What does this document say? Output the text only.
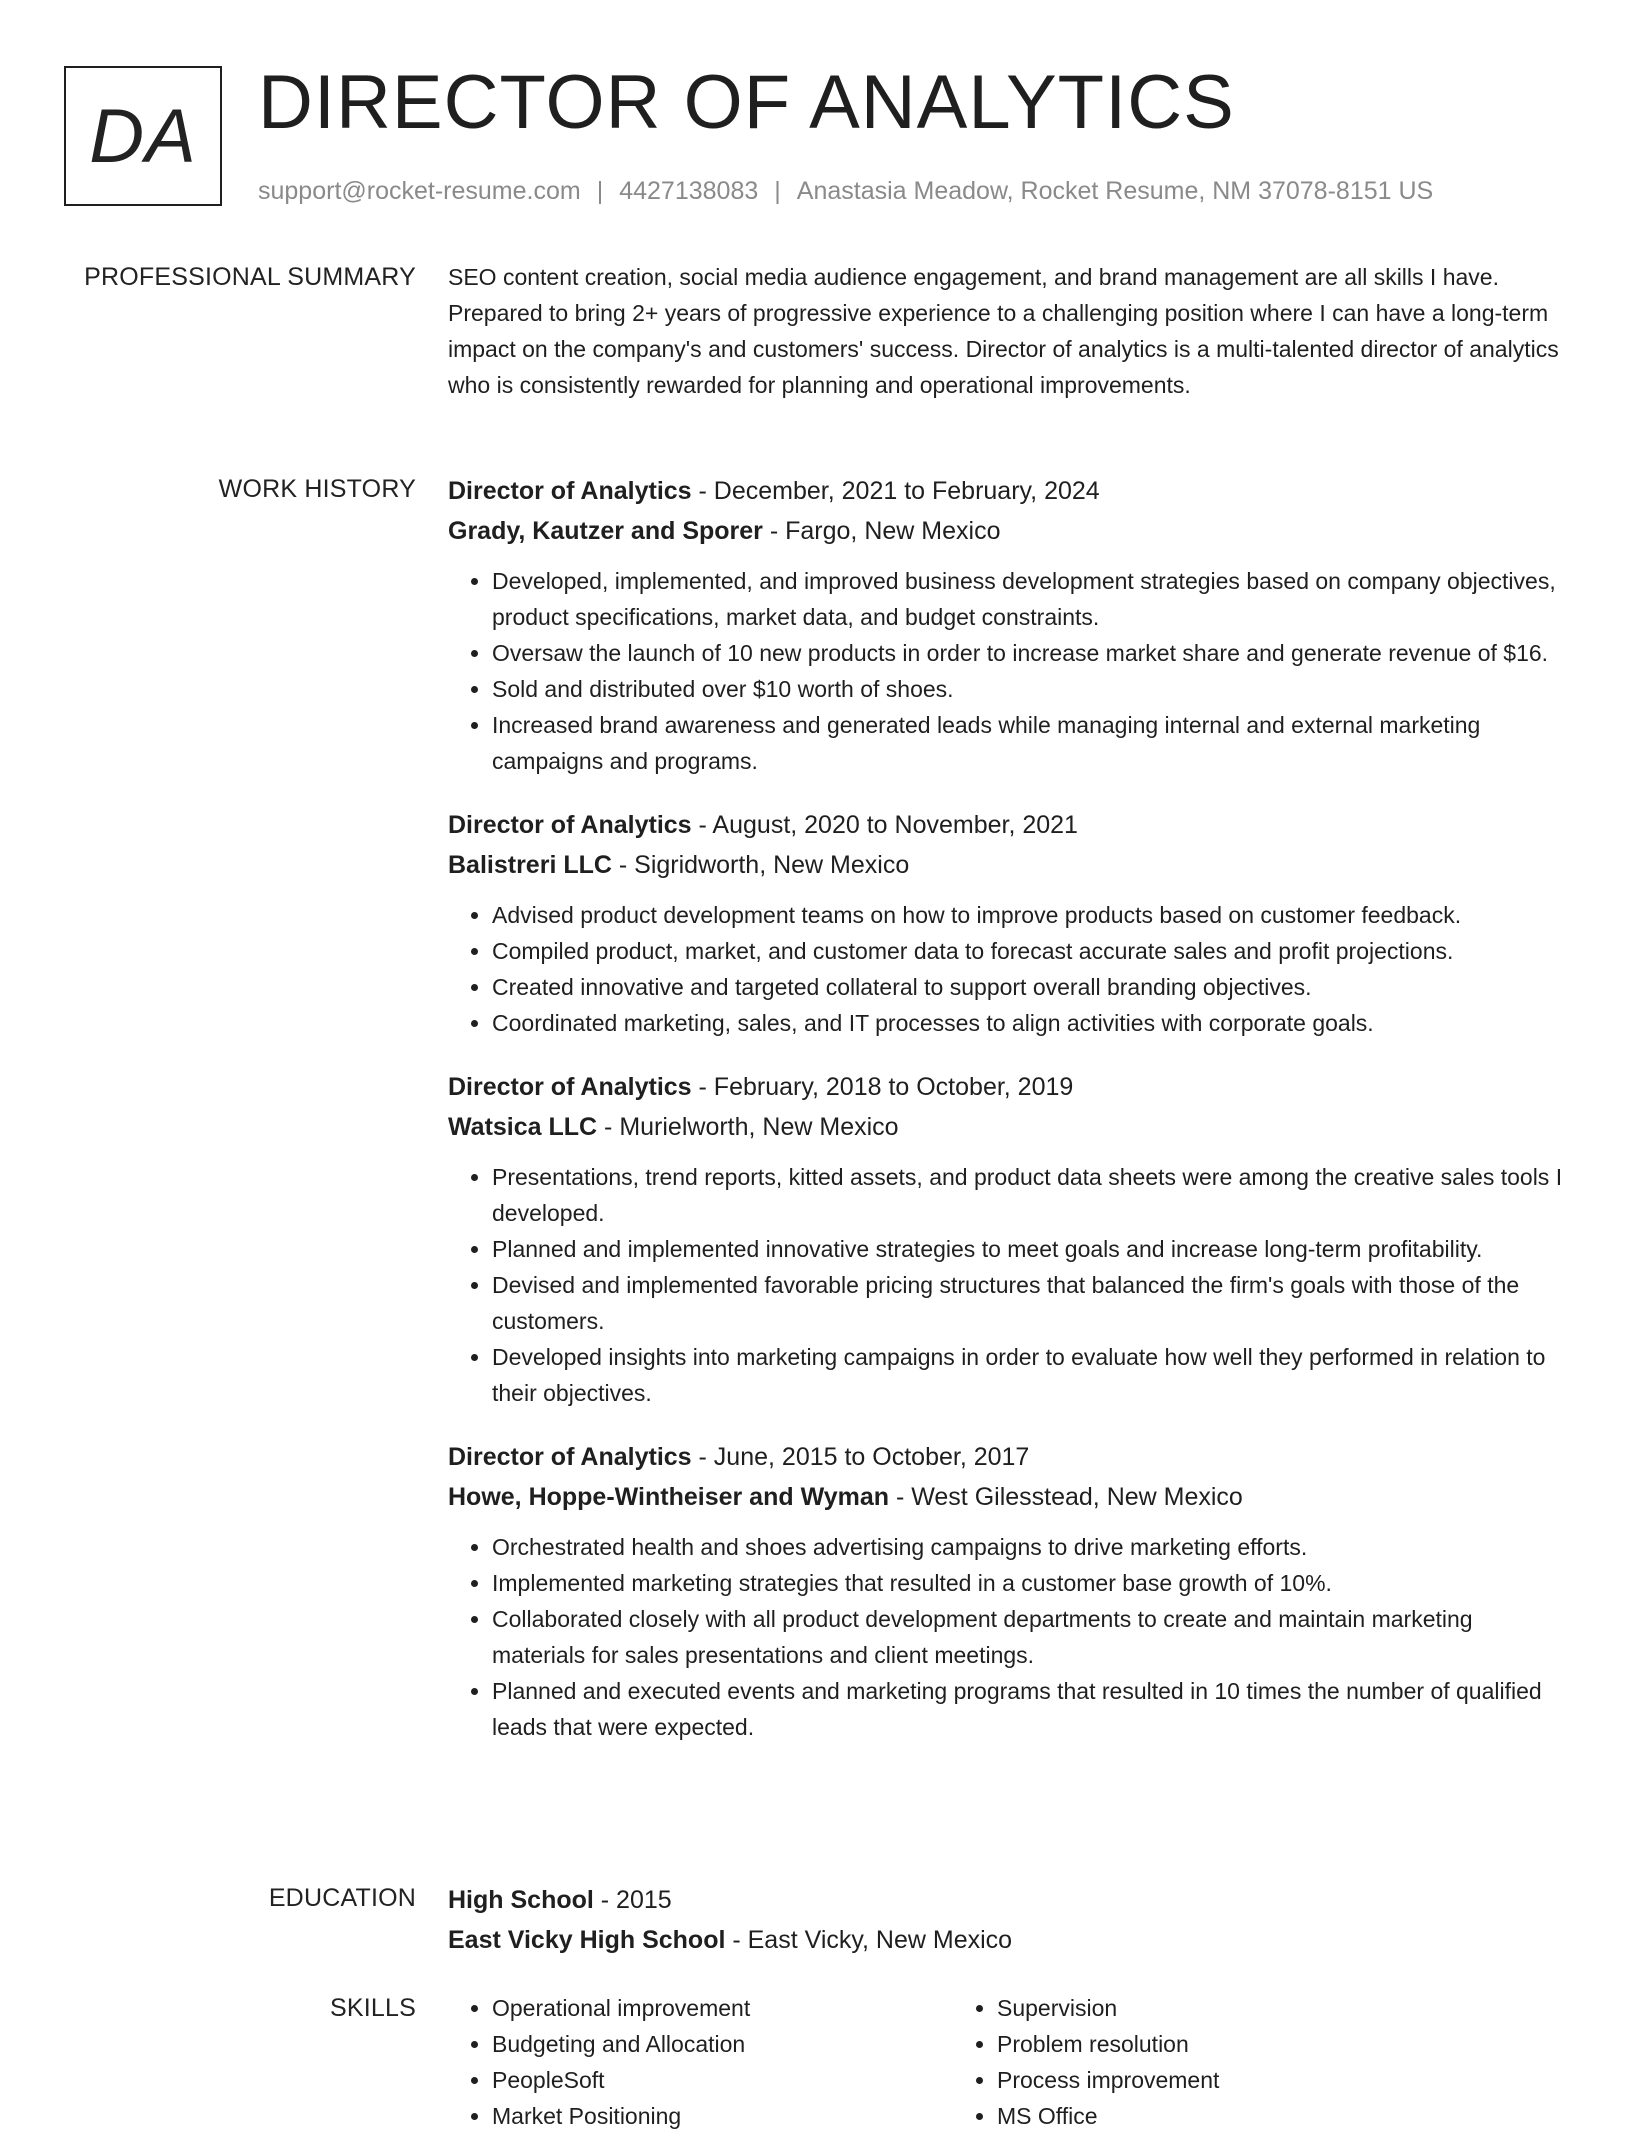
DA DIRECTOR OF ANALYTICS
support@rocket-resume.com | 4427138083 | Anastasia Meadow, Rocket Resume, NM 37078-8151 US
PROFESSIONAL SUMMARY SEO content creation, social media audience engagement, and brand management are all skills I have. Prepared to bring 2+ years of progressive experience to a challenging position where I can have a long-term impact on the company's and customers' success. Director of analytics is a multi-talented director of analytics who is consistently rewarded for planning and operational improvements.

WORK HISTORY Director of Analytics - December, 2021 to February, 2024
Grady, Kautzer and Sporer - Fargo, New Mexico
• Developed, implemented, and improved business development strategies based on company objectives, product specifications, market data, and budget constraints.
• Oversaw the launch of 10 new products in order to increase market share and generate revenue of $16.
• Sold and distributed over $10 worth of shoes.
• Increased brand awareness and generated leads while managing internal and external marketing campaigns and programs.
Director of Analytics - August, 2020 to November, 2021
Balistreri LLC - Sigridworth, New Mexico
• Advised product development teams on how to improve products based on customer feedback.
• Compiled product, market, and customer data to forecast accurate sales and profit projections.
• Created innovative and targeted collateral to support overall branding objectives.
• Coordinated marketing, sales, and IT processes to align activities with corporate goals.
Director of Analytics - February, 2018 to October, 2019
Watsica LLC - Murielworth, New Mexico
• Presentations, trend reports, kitted assets, and product data sheets were among the creative sales tools I developed.
• Planned and implemented innovative strategies to meet goals and increase long-term profitability.
• Devised and implemented favorable pricing structures that balanced the firm's goals with those of the customers.
• Developed insights into marketing campaigns in order to evaluate how well they performed in relation to their objectives.
Director of Analytics - June, 2015 to October, 2017
Howe, Hoppe-Wintheiser and Wyman - West Gilesstead, New Mexico
• Orchestrated health and shoes advertising campaigns to drive marketing efforts.
• Implemented marketing strategies that resulted in a customer base growth of 10%.
• Collaborated closely with all product development departments to create and maintain marketing materials for sales presentations and client meetings.
• Planned and executed events and marketing programs that resulted in 10 times the number of qualified leads that were expected.
EDUCATION High School - 2015
East Vicky High School - East Vicky, New Mexico
SKILLS
•	Operational improvement
• Budgeting and Allocation
• PeopleSoft
• Market Positioning
• Supervision
• Problem resolution
• Process improvement
• MS Office
